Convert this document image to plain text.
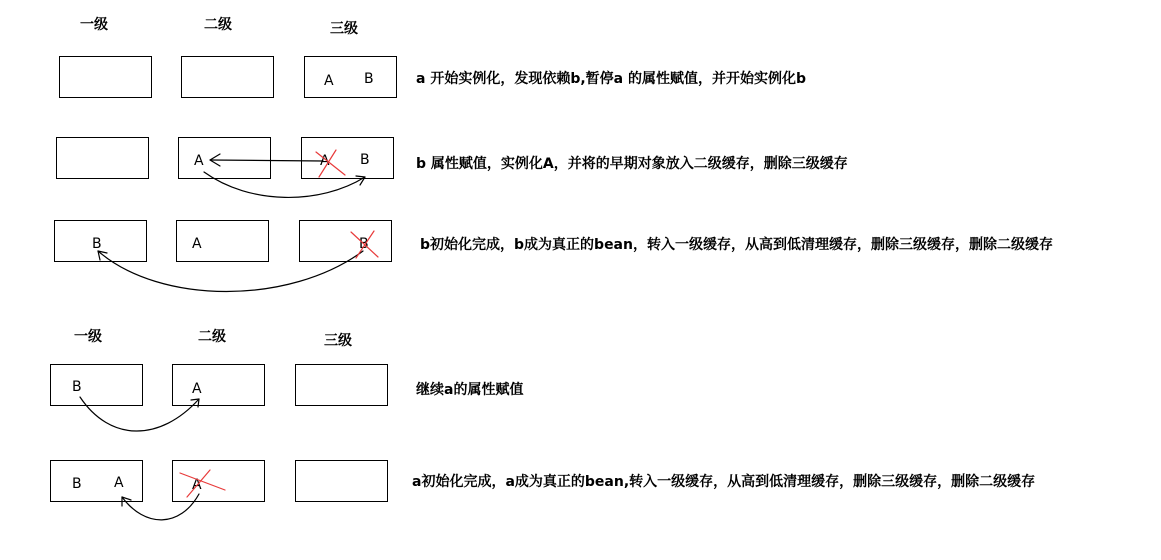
一级	二级	三级
A B	a 开始实例化，发现依赖b,暂停a 的属性赋值，并开始实例化b
A	A B	b 属性赋值，实例化A，并将的早期对象放入二级缓存，删除三级缓存
B	A	B	b初始化完成，b成为真正的bean，转入一级缓存，从高到低清理缓存，删除三级缓存，删除二级缓存
一级	二级	三级
B	A	继续a的属性赋值
B A	A	a初始化完成，a成为真正的bean,转入一级缓存，从高到低清理缓存，删除三级缓存，删除二级缓存
